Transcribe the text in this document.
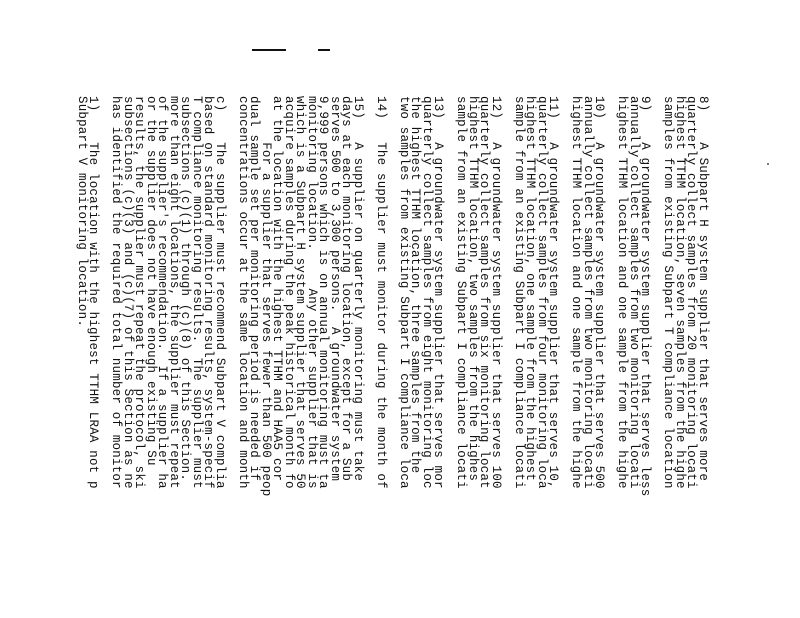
8)    A Subpart H system supplier that serves more
quarterly collect samples from 20 monitoring locati
highest TTHM location, seven samples from the highe
samples from existing Subpart T compliance location
9)    A groundwater system supplier that serves less
annually collect samples from two monitoring locati
highest TTHM location and one sample from the highe
10)   A groundwater system supplier that serves 500
annually collect samples from two monitoring locati
highest TTHM location and one sample from the highe
11)   A groundwater system supplier that serves 10,
quarterly collect samples from four monitoring loca
highest TTHM location, one sample from the highest
sample from an existing Subpart I compliance locati
12)   A groundwater system supplier that serves 100
quarterly collect samples from six monitoring locat
highest TTHM location, two samples from the highes
sample from an existing Subpart I compliance locati
13)   A groundwater system supplier that serves mor
quarterly collect samples from eight monitoring loc
the highest TTHM location, three samples from the
two samples from existing Subpart I compliance loca
14)   The supplier must monitor during the month of
15)   A supplier on quarterly monitoring must take
days at each monitoring location, except for a Sub
serves 500 to 3,300 persons.  A groundwater system
9,999 persons which is on annual monitoring must ta
monitoring location.     Any other supplier that is
which is a Subpart H system supplier that serves 50
acquire samples during the peak historical month fo
at the location with the highest TTHM and HAA5 cor
For a supplier that serves fewer than 500 peop
dual sample set per monitoring period is needed if
concentrations occur at the same location and month
c)    The supplier must recommend Subpart V complia
based on standard monitoring results, system-specif
T compliance monitoring results.  The supplier must
subsections (c)(1) through (c)(8) of this Section.
more than eight locations, the supplier must repeat
of the supplier's recommendation.  If a supplier ha
or the supplier does not have enough existing Su
results, the supplier must repeat the protocol, ski
subsections (c)(3) and (c)(7) of this Section as ne
has identified the required total number of monitor
1)    The location with the highest TTHM LRAA not p
Subpart V monitoring location.
